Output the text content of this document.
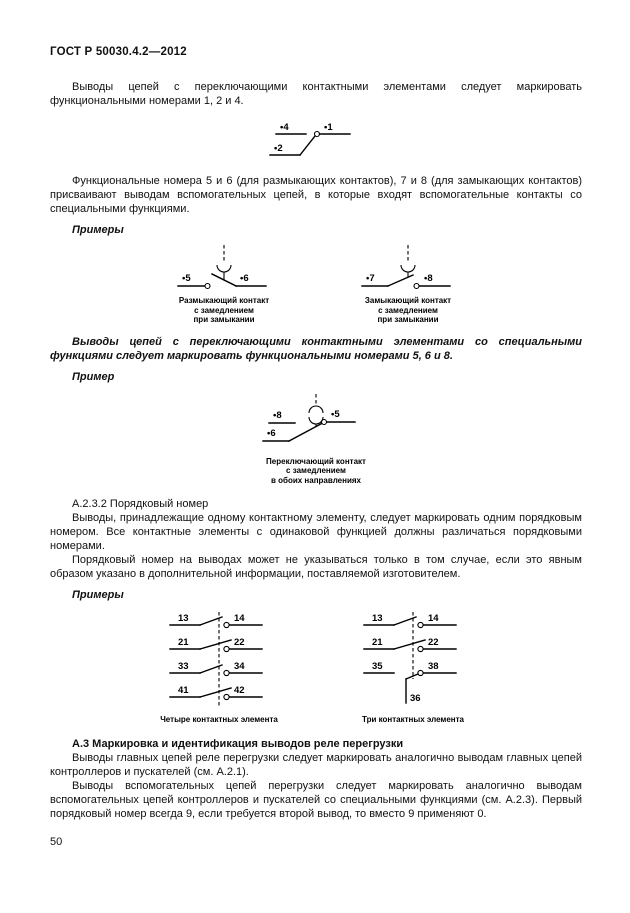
ГОСТ Р 50030.4.2—2012

Выводы цепей с переключающими контактными элементами следует маркировать функциональными номерами 1, 2 и 4.

•4
•2
•1

Функциональные номера 5 и 6 (для размыкающих контактов), 7 и 8 (для замыкающих контактов) присваивают выводам вспомогательных цепей, в которые входят вспомогательные контакты со специальными функциями.

Примеры
•5	•6
Размыкающий контакт
с замедлением
при замыкании
•7	•8
Замыкающий контакт
с замедлением
при замыкании

Выводы цепей с переключающими контактными элементами со специальными функциями следует маркировать функциональными номерами 5, 6 и 8.

Пример
•8	•5
•6
Переключающий контакт
с замедлением
в обоих направлениях
А.2.3.2 Порядковый номер

Выводы, принадлежащие одному контактному элементу, следует маркировать одним порядковым номером. Все контактные элементы с одинаковой функцией должны различаться порядковыми номерами.

Порядковый номер на выводах может не указываться только в том случае, если это явным образом указано в дополнительной информации, поставляемой изготовителем.

Примеры
13	14
21	22
33	34
41	42
Четыре контактных элемента
13	14
21	22
35	38
36
Три контактных элемента
А.3 Маркировка и идентификация выводов реле перегрузки

Выводы главных цепей реле перегрузки следует маркировать аналогично выводам главных цепей контроллеров и пускателей (см. А.2.1).

Выводы вспомогательных цепей перегрузки следует маркировать аналогично выводам вспомогательных цепей контроллеров и пускателей со специальными функциями (см. А.2.3). Первый порядковый номер всегда 9, если требуется второй вывод, то вместо 9 применяют 0.

50
